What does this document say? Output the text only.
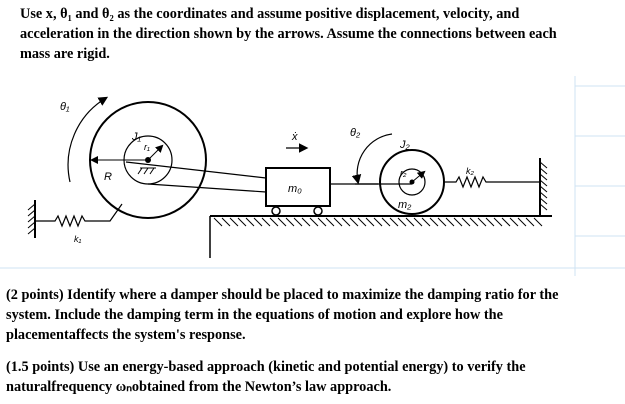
Use x, θ₁ and θ₂ as the coordinates and assume positive displacement, velocity, and
acceleration in the direction shown by the arrows. Assume the connections between each
mass are rigid.
k₁
R
r₁
J₁
θ₁
ẋ
m₀
r₂
m₂
J₂
θ₂
k₂
(2 points) Identify where a damper should be placed to maximize the damping ratio for the
system. Include the damping term in the equations of motion and explore how the
placementaffects the system's response.
(1.5 points) Use an energy-based approach (kinetic and potential energy) to verify the
naturalfrequency ωₙobtained from the Newton’s law approach.
